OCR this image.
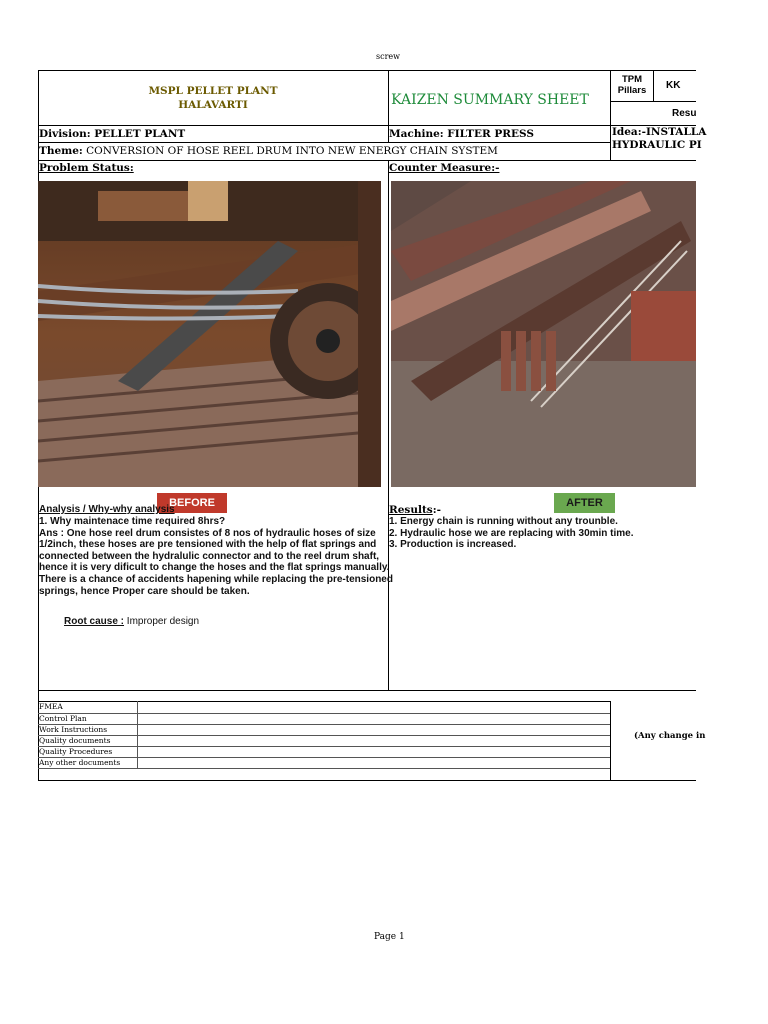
screw
MSPL PELLET PLANT
HALAVARTI	KAIZEN SUMMARY SHEET
TPM Pillars	KK
Resu
Division: PELLET PLANT	Machine: FILTER PRESS	Idea:-INSTALLA
HYDRAULIC PI
Theme: CONVERSION OF HOSE REEL DRUM INTO NEW ENERGY CHAIN SYSTEM
Problem Status:	Counter Measure:-
BEFORE	AFTER
Analysis / Why-why analysis
1. Why maintenace time required 8hrs?
Ans : One hose reel drum consistes of 8 nos of hydraulic hoses of size
1/2inch, these hoses are pre tensioned with the help of flat springs and
connected between the hydralulic connector and to the reel drum shaft,
hence it is very dificult to change the hoses and the flat springs manually.
There is a chance of accidents hapening while replacing the pre-tensioned
springs, hence Proper care should be taken.
Root cause : Improper design
Results:-
1. Energy chain is running without any trounble.
2. Hydraulic hose we are replacing with 30min time.
3. Production is increased.
FMEA
Control Plan
Work Instructions
Quality documents
Quality Procedures
Any other documents
(Any change in
Page 1
